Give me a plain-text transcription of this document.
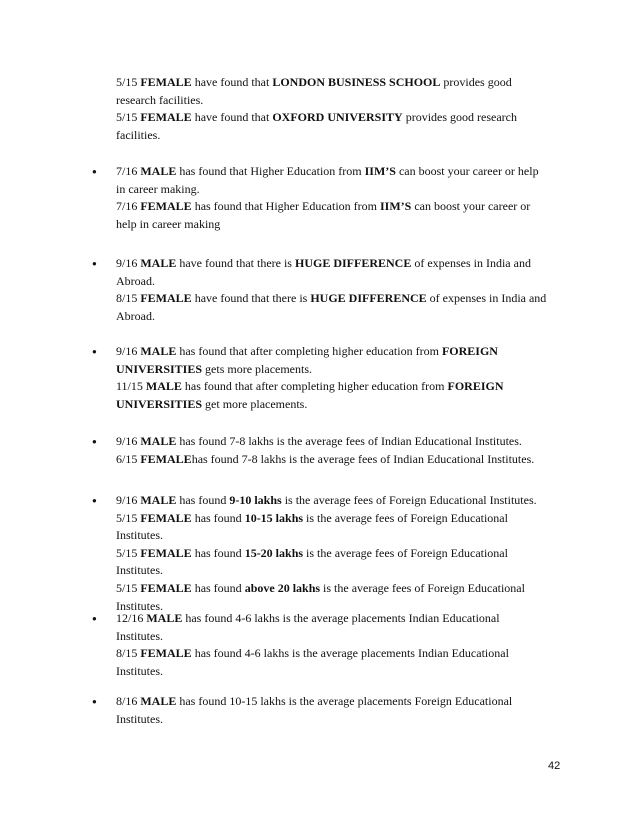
5/15 FEMALE have found that LONDON BUSINESS SCHOOL provides good
research facilities.
5/15 FEMALE have found that OXFORD UNIVERSITY provides good research
facilities.
●
7/16 MALE has found that Higher Education from IIM’S can boost your career or help
in career making.
7/16 FEMALE has found that Higher Education from IIM’S can boost your career or
help in career making
●
9/16 MALE have found that there is HUGE DIFFERENCE of expenses in India and
Abroad.
8/15 FEMALE have found that there is HUGE DIFFERENCE of expenses in India and
Abroad.
●
9/16 MALE has found that after completing higher education from FOREIGN
UNIVERSITIES gets more placements.
11/15 MALE has found that after completing higher education from FOREIGN
UNIVERSITIES get more placements.
●
9/16 MALE has found 7-8 lakhs is the average fees of Indian Educational Institutes.
6/15 FEMALEhas found 7-8 lakhs is the average fees of Indian Educational Institutes.
●
9/16 MALE has found 9-10 lakhs is the average fees of Foreign Educational Institutes.
5/15 FEMALE has found 10-15 lakhs is the average fees of Foreign Educational
Institutes.
5/15 FEMALE has found 15-20 lakhs is the average fees of Foreign Educational
Institutes.
5/15 FEMALE has found above 20 lakhs is the average fees of Foreign Educational
Institutes.
●
12/16 MALE has found 4-6 lakhs is the average placements Indian Educational
Institutes.
8/15 FEMALE has found 4-6 lakhs is the average placements Indian Educational
Institutes.
●
8/16 MALE has found 10-15 lakhs is the average placements Foreign Educational
Institutes.
42
